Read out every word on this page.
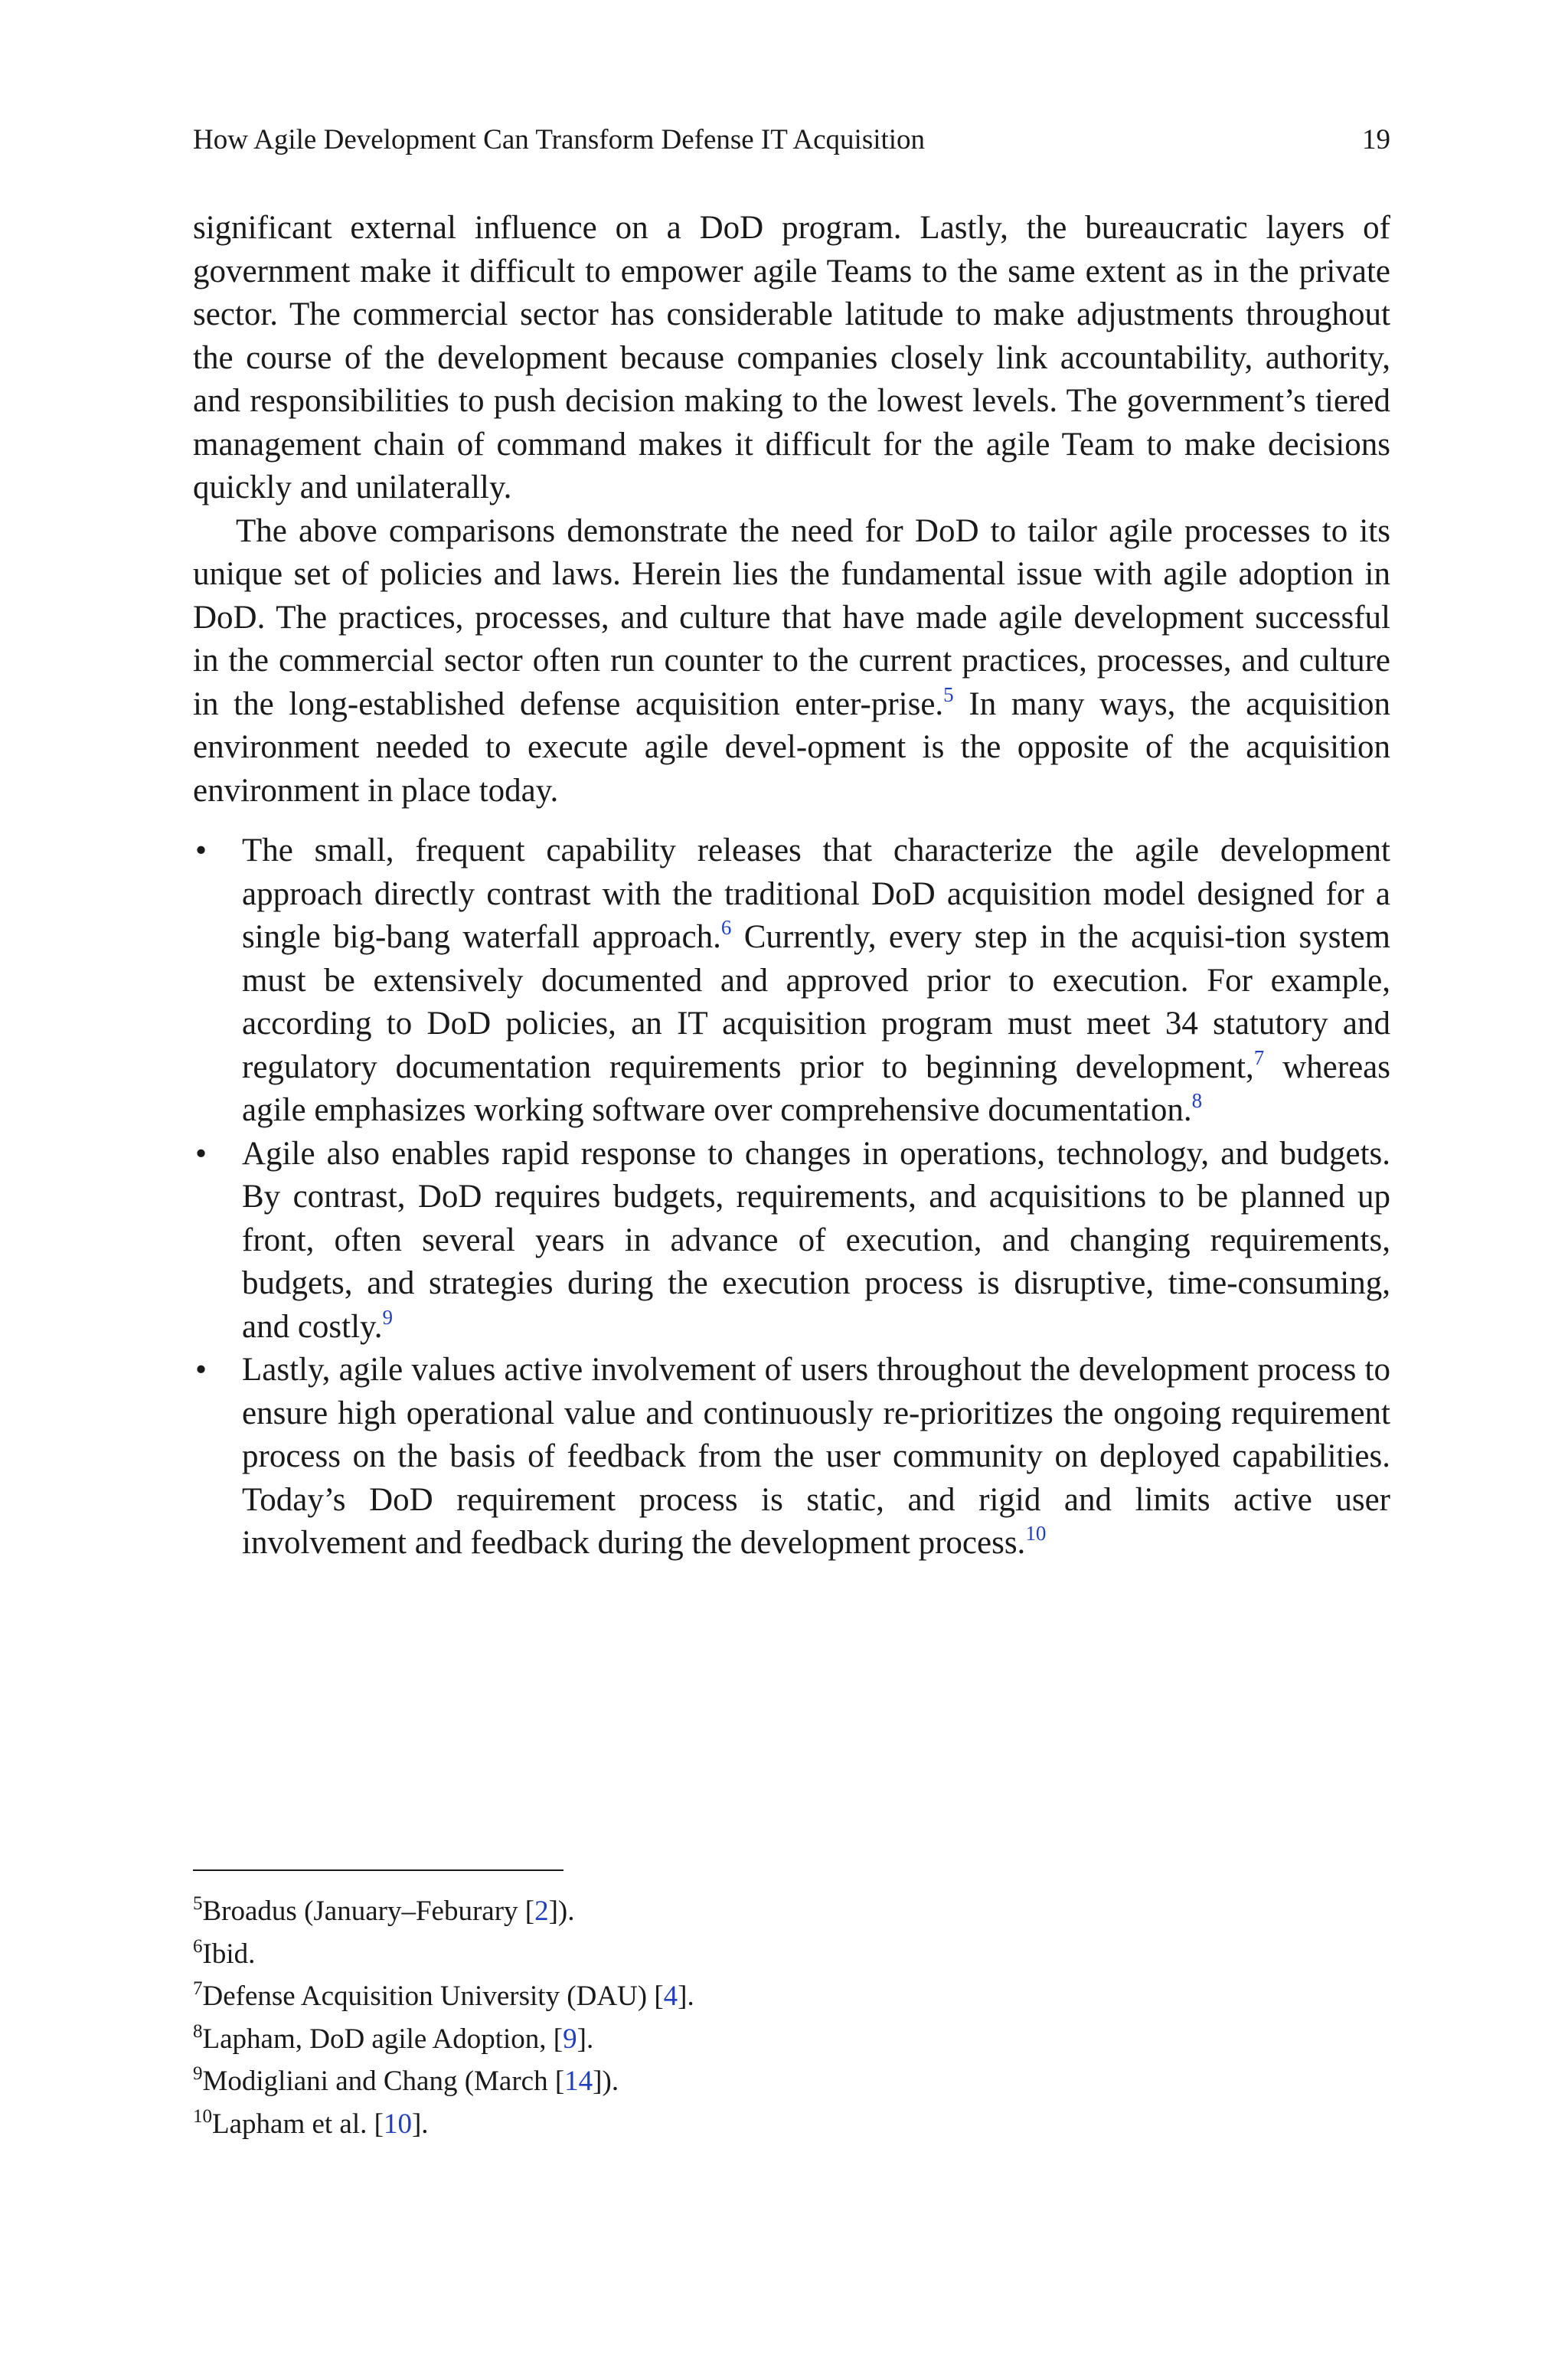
How Agile Development Can Transform Defense IT Acquisition	19

significant external influence on a DoD program. Lastly, the bureaucratic layers of government make it difficult to empower agile Teams to the same extent as in the private sector. The commercial sector has considerable latitude to make adjustments throughout the course of the development because companies closely link accountability, authority, and responsibilities to push decision making to the lowest levels. The government’s tiered management chain of command makes it difficult for the agile Team to make decisions quickly and unilaterally.

The above comparisons demonstrate the need for DoD to tailor agile processes to its unique set of policies and laws. Herein lies the fundamental issue with agile adoption in DoD. The practices, processes, and culture that have made agile development successful in the commercial sector often run counter to the current practices, processes, and culture in the long-established defense acquisition enter-prise.$^5$ In many ways, the acquisition environment needed to execute agile devel-opment is the opposite of the acquisition environment in place today.

•	The small, frequent capability releases that characterize the agile development approach directly contrast with the traditional DoD acquisition model designed for a single big-bang waterfall approach.$^6$ Currently, every step in the acquisi-tion system must be extensively documented and approved prior to execution. For example, according to DoD policies, an IT acquisition program must meet 34 statutory and regulatory documentation requirements prior to beginning development,$^7$ whereas agile emphasizes working software over comprehensive documentation.$^8$
•	Agile also enables rapid response to changes in operations, technology, and budgets. By contrast, DoD requires budgets, requirements, and acquisitions to be planned up front, often several years in advance of execution, and changing requirements, budgets, and strategies during the execution process is disruptive, time-consuming, and costly.$^9$
•	Lastly, agile values active involvement of users throughout the development process to ensure high operational value and continuously re-prioritizes the ongoing requirement process on the basis of feedback from the user community on deployed capabilities. Today’s DoD requirement process is static, and rigid and limits active user involvement and feedback during the development process.$^{10}$

$^5$Broadus (January–Feburary [2]).

$^6$Ibid.

$^7$Defense Acquisition University (DAU) [4].

$^8$Lapham, DoD agile Adoption, [9].

$^9$Modigliani and Chang (March [14]).

$^{10}$Lapham et al. [10].
